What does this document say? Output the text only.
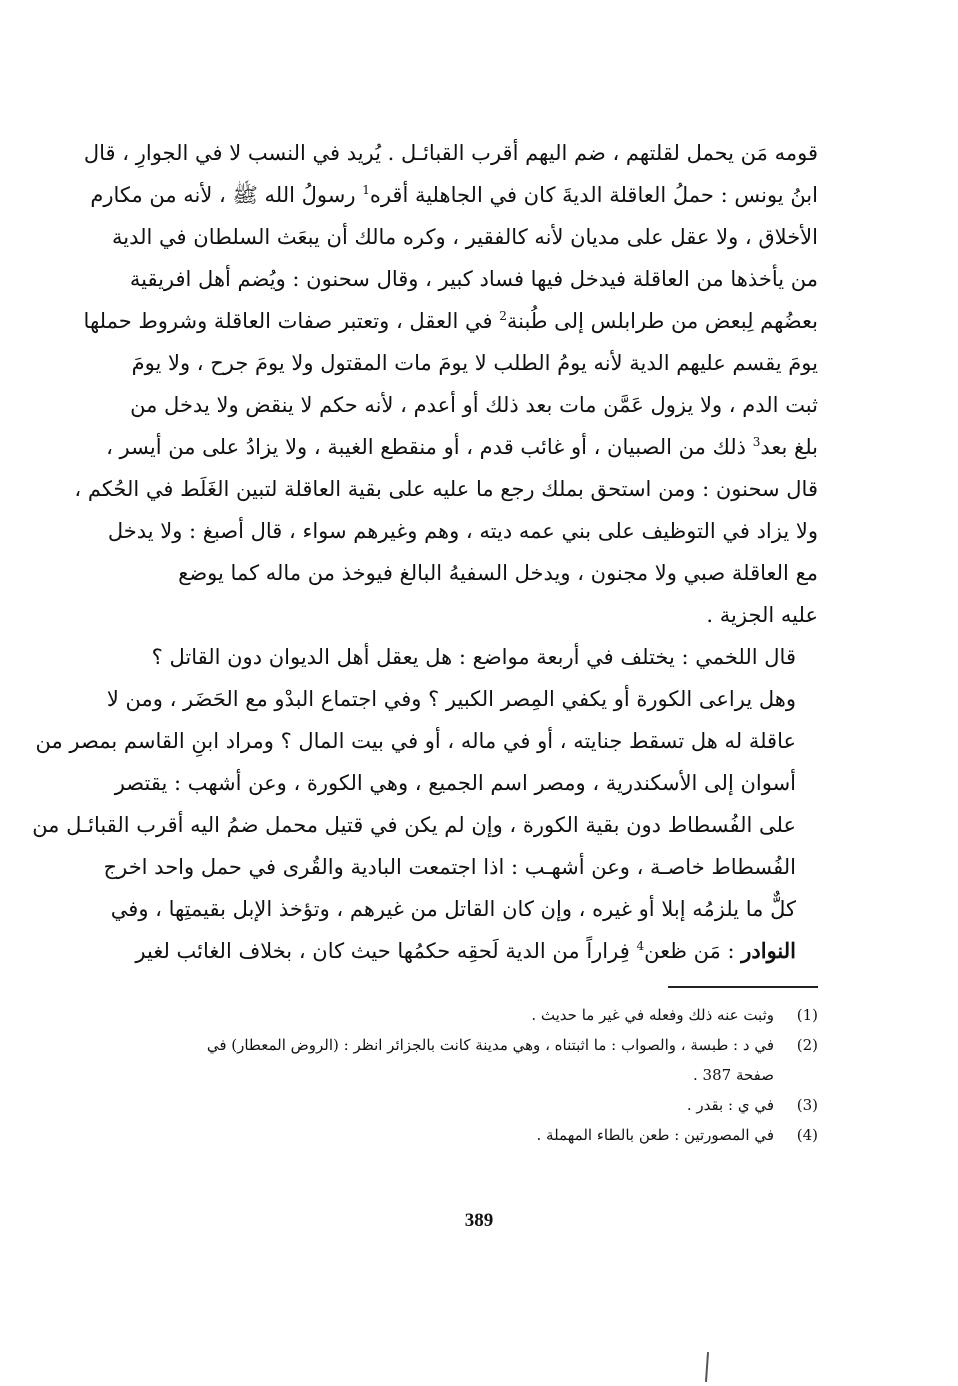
قومه مَن يحمل لقلتهم ، ضم اليهم أقرب القبائـل . يُريد في النسب لا في الجوارِ ، قال
ابنُ يونس : حملُ العاقلة الديةَ كان في الجاهلية أقره$^1$ رسولُ الله ﷺ ، لأنه من مكارم
الأخلاق ، ولا عقل على مديان لأنه كالفقير ، وكره مالك أن يبعَث السلطان في الدية
من يأخذها من العاقلة فيدخل فيها فساد كبير ، وقال سحنون : ويُضم أهل افريقية
بعضُهم لِبعض من طرابلس إلى طُبنة$^2$ في العقل ، وتعتبر صفات العاقلة وشروط حملها
يومَ يقسم عليهم الدية لأنه يومُ الطلب لا يومَ مات المقتول ولا يومَ جرح ، ولا يومَ
ثبت الدم ، ولا يزول عَمَّن مات بعد ذلك أو أعدم ، لأنه حكم لا ينقض ولا يدخل من
بلغ بعد$^3$ ذلك من الصبيان ، أو غائب قدم ، أو منقطع الغيبة ، ولا يزادُ على من أيسر ،
قال سحنون : ومن استحق بملك رجع ما عليه على بقية العاقلة لتبين الغَلَط في الحُكم ،
ولا يزاد في التوظيف على بني عمه ديته ، وهم وغيرهم سواء ، قال أصبغ : ولا يدخل
مع العاقلة صبي ولا مجنون ، ويدخل السفيهُ البالغ فيوخذ من ماله كما يوضع
عليه الجزية .

قال اللخمي : يختلف في أربعة مواضع : هل يعقل أهل الديوان دون القاتل ؟
وهل يراعى الكورة أو يكفي المِصر الكبير ؟ وفي اجتماع البدْو مع الحَضَر ، ومن لا
عاقلة له هل تسقط جنايته ، أو في ماله ، أو في بيت المال ؟ ومراد ابنِ القاسم بمصر من
أسوان إلى الأسكندرية ، ومصر اسم الجميع ، وهي الكورة ، وعن أشهب : يقتصر
على الفُسطاط دون بقية الكورة ، وإن لم يكن في قتيل محمل ضمُ اليه أقرب القبائـل من
الفُسطاط خاصـة ، وعن أشهـب : اذا اجتمعت البادية والقُرى في حمل واحد اخرج
كلٌّ ما يلزمُه إبلا أو غيره ، وإن كان القاتل من غيرهم ، وتؤخذ الإبل بقيمتِها ، وفي
النوادر : مَن ظعن$^4$ فِراراً من الدية لَحقِه حكمُها حيث كان ، بخلاف الغائب لغير

(1)
وثبت عنه ذلك وفعله في غير ما حديث .
(2)
في د : طبسة ، والصواب : ما اثبتناه ، وهي مدينة كانت بالجزائر انظر : (الروض المعطار) في
صفحة 387 .
(3)
في ي : بقدر .
(4)
في المصورتين : طعن بالطاء المهملة .
389
